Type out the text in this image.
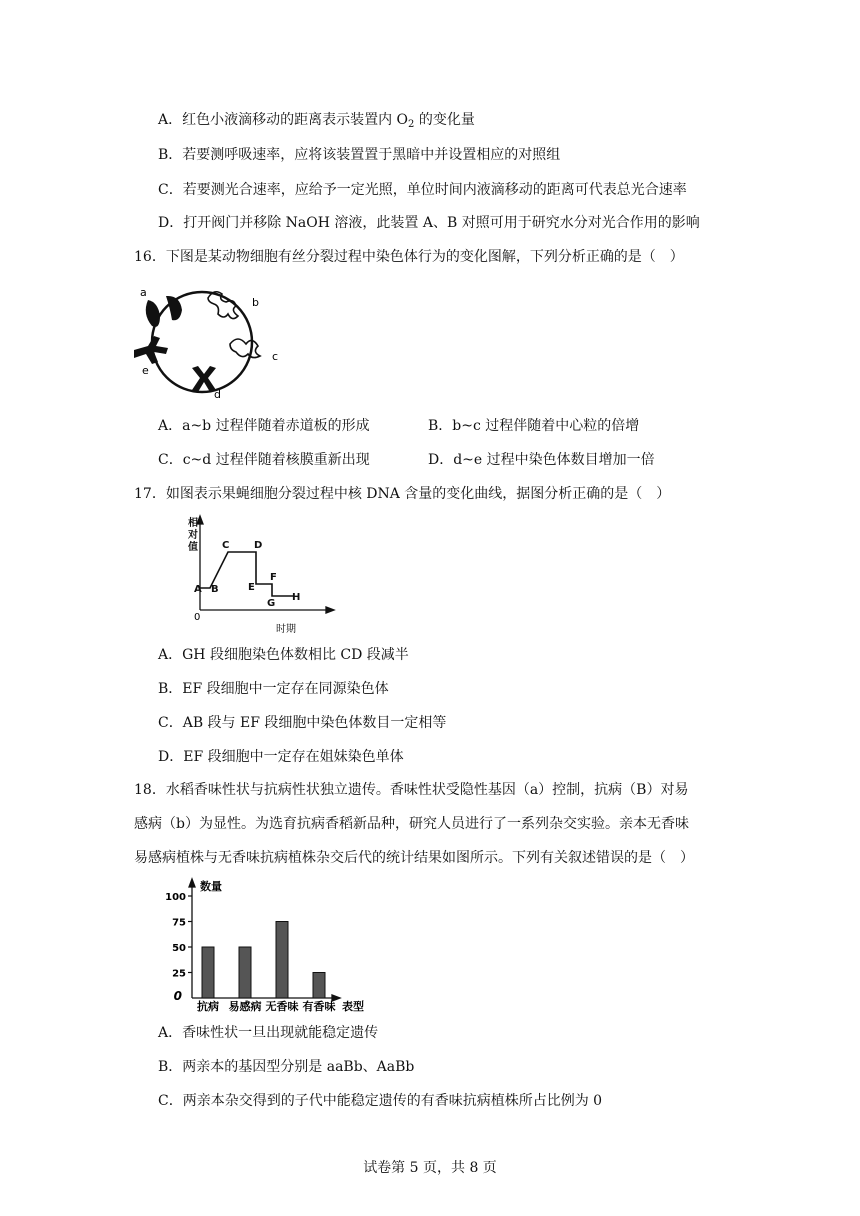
A．红色小液滴移动的距离表示装置内 $O_2$ 的变化量
B．若要测呼吸速率，应将该装置置于黑暗中并设置相应的对照组
C．若要测光合速率，应给予一定光照，单位时间内液滴移动的距离可代表总光合速率
D．打开阀门并移除 NaOH 溶液，此装置 A、B 对照可用于研究水分对光合作用的影响
16．下图是某动物细胞有丝分裂过程中染色体行为的变化图解，下列分析正确的是（　）
a
b
c
d
e
A．a~b 过程伴随着赤道板的形成	B．b~c 过程伴随着中心粒的倍增
C．c~d 过程伴随着核膜重新出现	D．d~e 过程中染色体数目增加一倍
17．如图表示果蝇细胞分裂过程中核 DNA 含量的变化曲线，据图分析正确的是（　）
相
对
值
A B
C D
E
F
G
H
0
时期
A．GH 段细胞染色体数相比 CD 段减半
B．EF 段细胞中一定存在同源染色体
C．AB 段与 EF 段细胞中染色体数目一定相等
D．EF 段细胞中一定存在姐妹染色单体
18．水稻香味性状与抗病性状独立遗传。香味性状受隐性基因（a）控制，抗病（B）对易
感病（b）为显性。为选育抗病香稻新品种，研究人员进行了一系列杂交实验。亲本无香味
易感病植株与无香味抗病植株杂交后代的统计结果如图所示。下列有关叙述错误的是（　）
数量
表型
0
25
50
75
100
抗病 易感病 无香味 有香味
A．香味性状一旦出现就能稳定遗传
B．两亲本的基因型分别是 aaBb、AaBb
C．两亲本杂交得到的子代中能稳定遗传的有香味抗病植株所占比例为 0
试卷第 5 页，共 8 页
